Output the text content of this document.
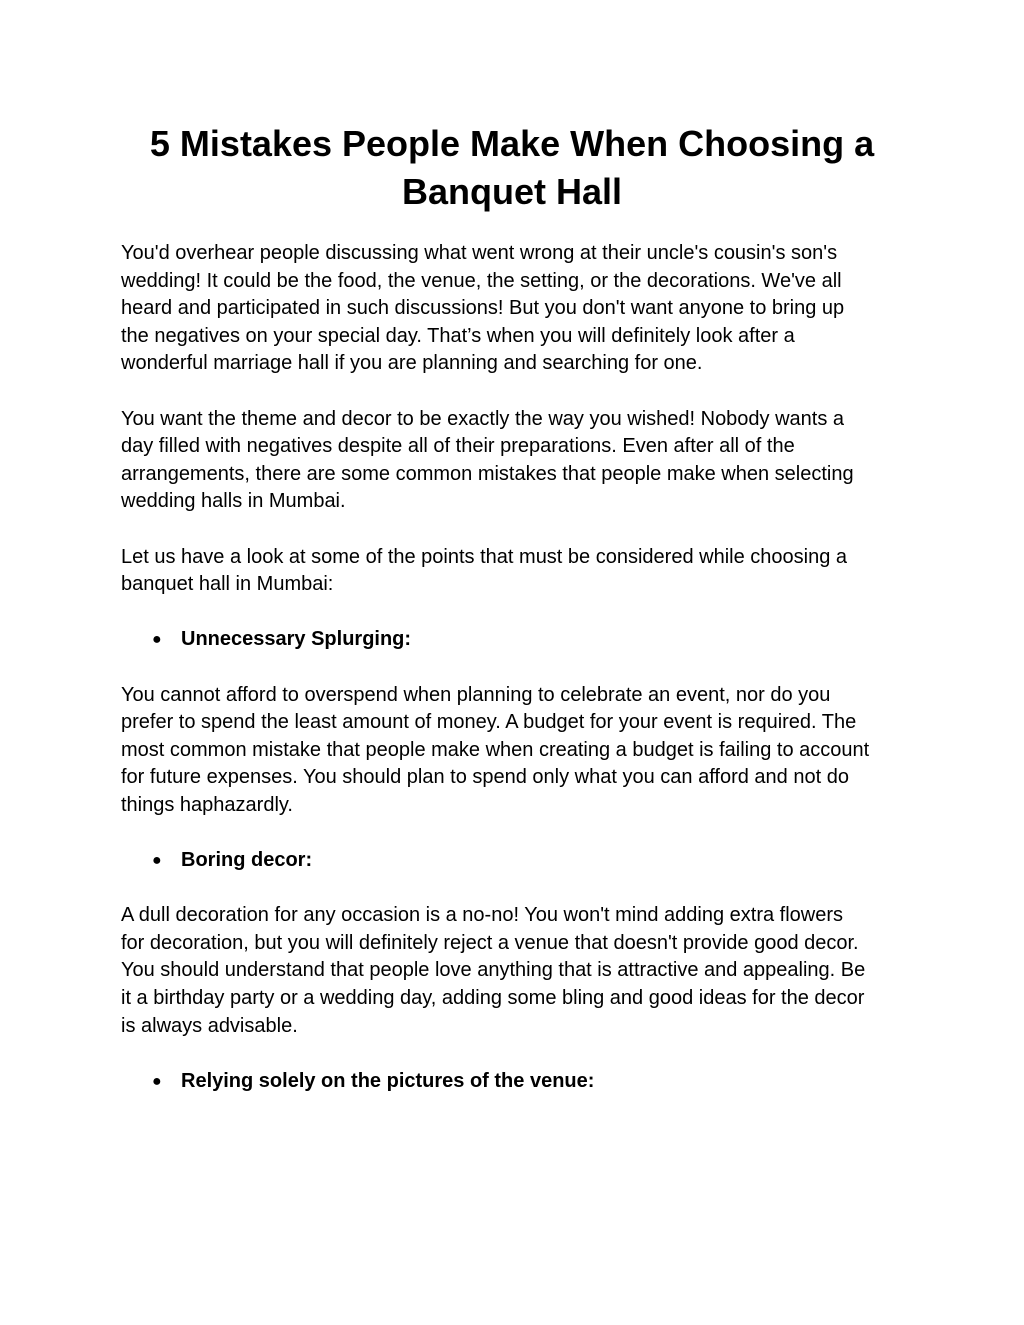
5 Mistakes People Make When Choosing a Banquet Hall

You'd overhear people discussing what went wrong at their uncle's cousin's son's
wedding! It could be the food, the venue, the setting, or the decorations. We've all
heard and participated in such discussions! But you don't want anyone to bring up
the negatives on your special day. That’s when you will definitely look after a
wonderful marriage hall if you are planning and searching for one.

You want the theme and decor to be exactly the way you wished! Nobody wants a
day filled with negatives despite all of their preparations. Even after all of the
arrangements, there are some common mistakes that people make when selecting
wedding halls in Mumbai.

Let us have a look at some of the points that must be considered while choosing a
banquet hall in Mumbai:

● Unnecessary Splurging:

You cannot afford to overspend when planning to celebrate an event, nor do you
prefer to spend the least amount of money. A budget for your event is required. The
most common mistake that people make when creating a budget is failing to account
for future expenses. You should plan to spend only what you can afford and not do
things haphazardly.

● Boring decor:

A dull decoration for any occasion is a no-no! You won't mind adding extra flowers
for decoration, but you will definitely reject a venue that doesn't provide good decor.
You should understand that people love anything that is attractive and appealing. Be
it a birthday party or a wedding day, adding some bling and good ideas for the decor
is always advisable.

● Relying solely on the pictures of the venue:
